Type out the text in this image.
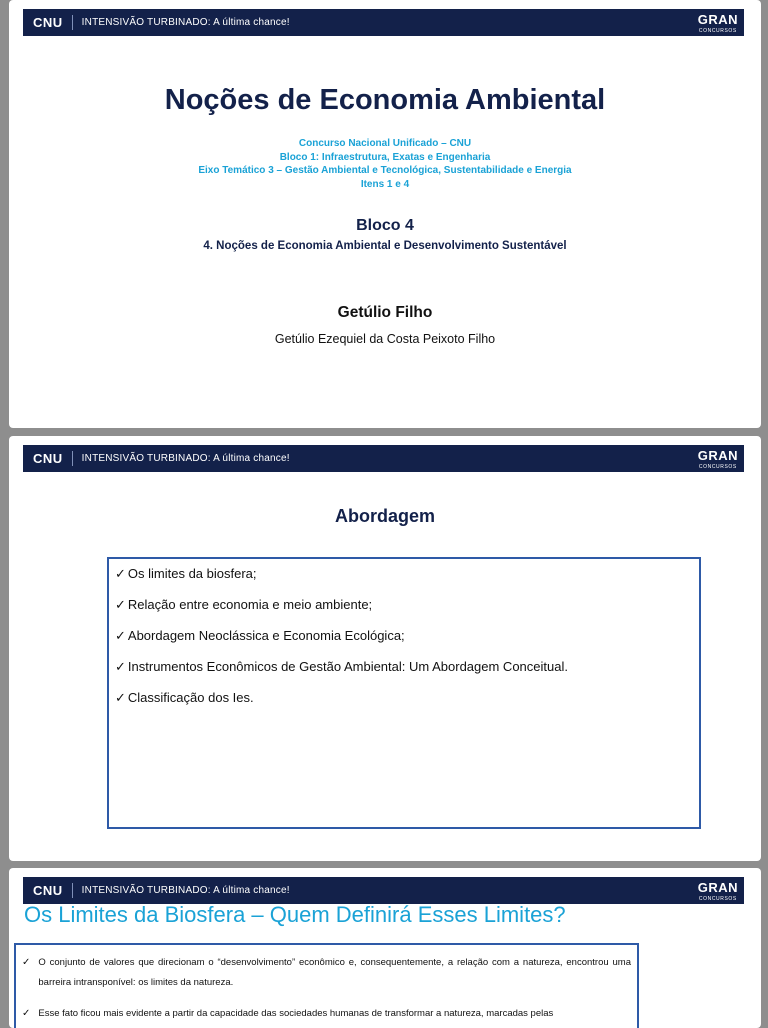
CNU INTENSIVÃO TURBINADO: A última chance!	GRAN
CONCURSOS
Noções de Economia Ambiental
Concurso Nacional Unificado – CNU
Bloco 1: Infraestrutura, Exatas e Engenharia
Eixo Temático 3 – Gestão Ambiental e Tecnológica, Sustentabilidade e Energia
Itens 1 e 4
Bloco 4
4. Noções de Economia Ambiental e Desenvolvimento Sustentável
Getúlio Filho
Getúlio Ezequiel da Costa Peixoto Filho
CNU INTENSIVÃO TURBINADO: A última chance!	GRAN
CONCURSOS
Abordagem
✓ Os limites da biosfera;
✓ Relação entre economia e meio ambiente;
✓ Abordagem Neoclássica e Economia Ecológica;
✓ Instrumentos Econômicos de Gestão Ambiental: Um Abordagem Conceitual.
✓ Classificação dos Ies.
CNU INTENSIVÃO TURBINADO: A última chance!	GRAN
CONCURSOS
Os Limites da Biosfera – Quem Definirá Esses Limites?
✓ O conjunto de valores que direcionam o “desenvolvimento” econômico e, consequentemente, a relação com a natureza, encontrou uma barreira intransponível: os limites da natureza.
✓ Esse fato ficou mais evidente a partir da capacidade das sociedades humanas de transformar a natureza, marcadas pelas
